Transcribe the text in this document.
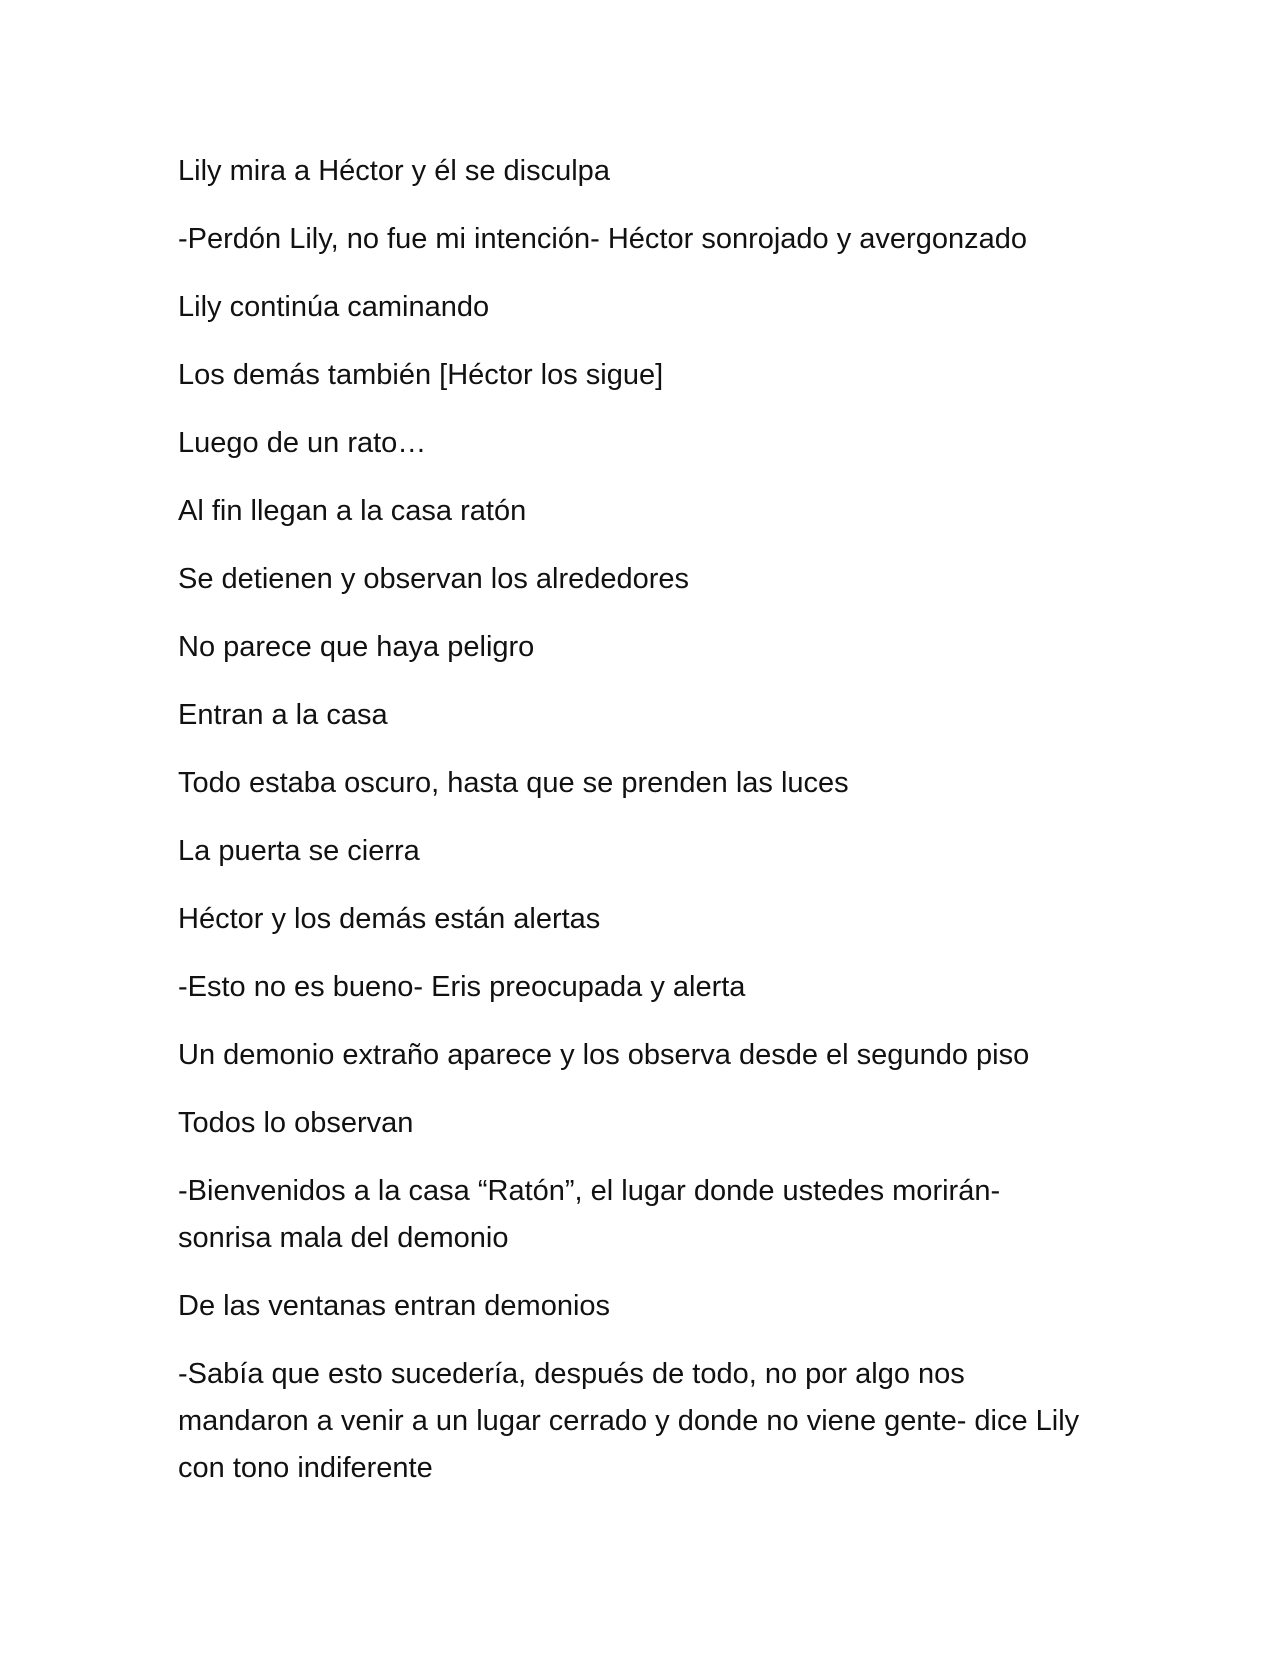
Lily mira a Héctor y él se disculpa

-Perdón Lily, no fue mi intención- Héctor sonrojado y avergonzado

Lily continúa caminando

Los demás también [Héctor los sigue]

Luego de un rato…

Al fin llegan a la casa ratón

Se detienen y observan los alrededores

No parece que haya peligro

Entran a la casa

Todo estaba oscuro, hasta que se prenden las luces

La puerta se cierra

Héctor y los demás están alertas

-Esto no es bueno- Eris preocupada y alerta

Un demonio extraño aparece y los observa desde el segundo piso

Todos lo observan

-Bienvenidos a la casa “Ratón”, el lugar donde ustedes morirán- sonrisa mala del demonio

De las ventanas entran demonios

-Sabía que esto sucedería, después de todo, no por algo nos mandaron a venir a un lugar cerrado y donde no viene gente- dice Lily con tono indiferente
